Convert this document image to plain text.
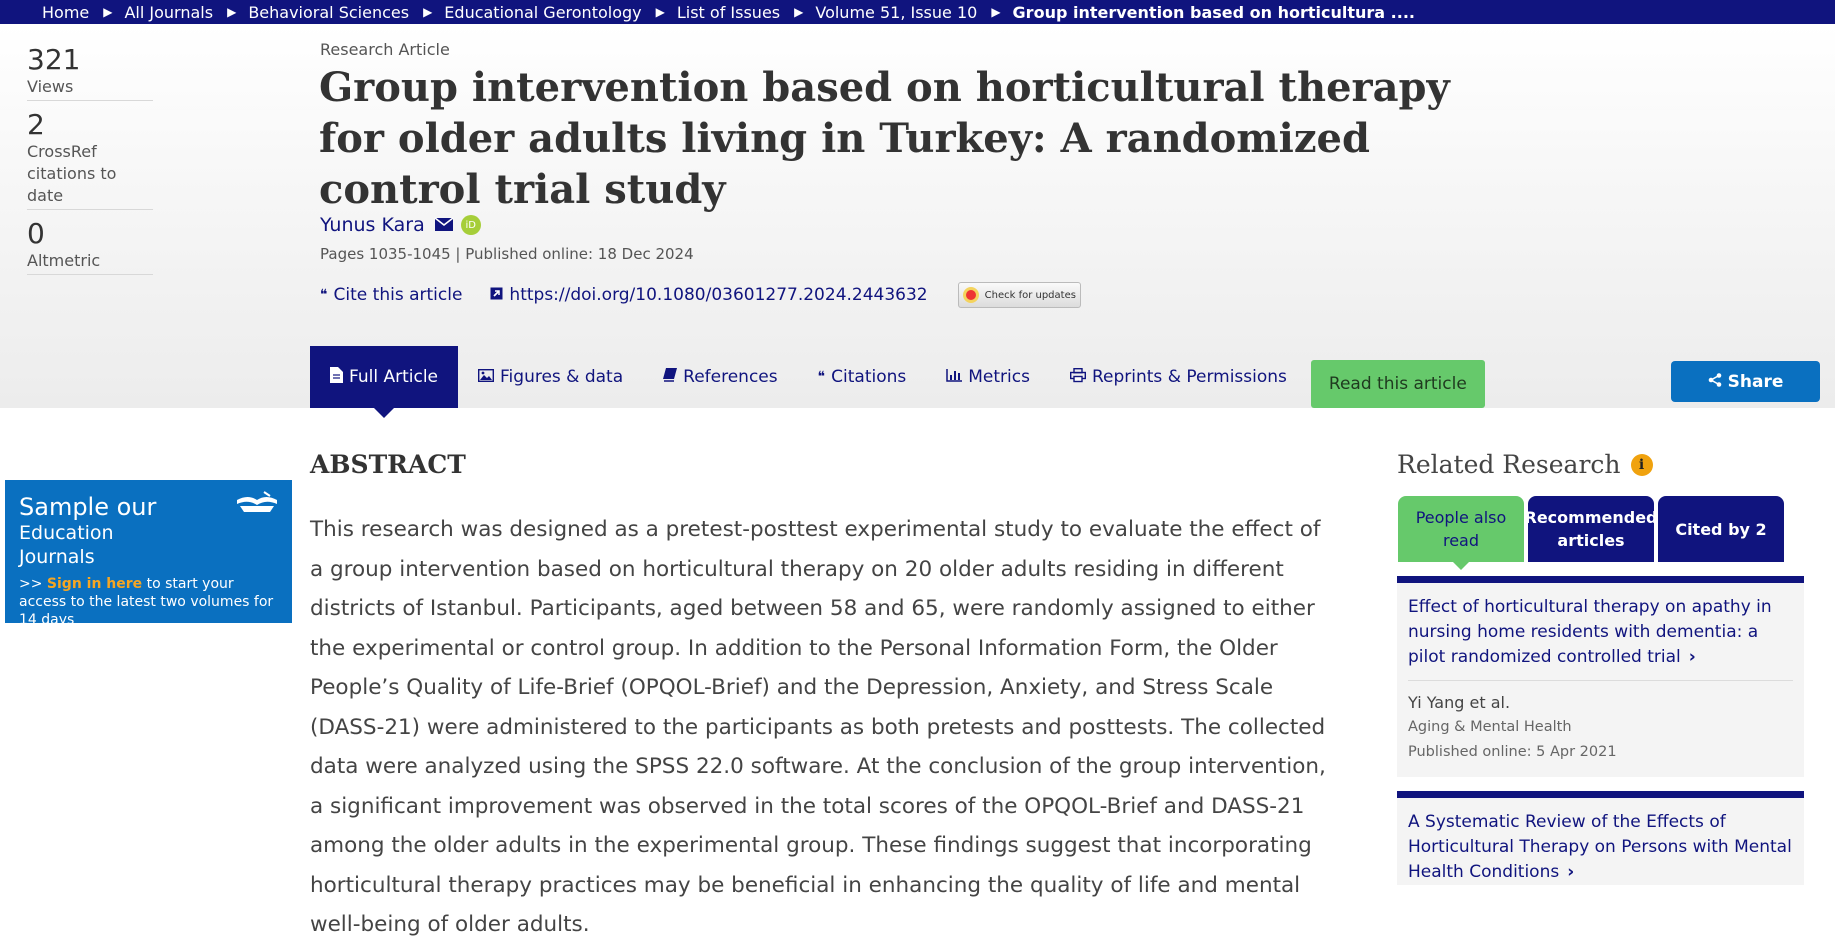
Home ▶ All Journals ▶ Behavioral Sciences ▶ Educational Gerontology ▶ List of Issues ▶ Volume 51, Issue 10 ▶ Group intervention based on horticultura ....
321
Views
2
CrossRef citations to date
0
Altmetric
Research Article
Group intervention based on horticultural therapy for older adults living in Turkey: A randomized control trial study
Yunus Kara	iD
Pages 1035-1045 | Published online: 18 Dec 2024
❝ Cite this article	https://doi.org/10.1080/03601277.2024.2443632	Check for updates
Full Article	Figures & data	References	❝ Citations	Metrics	Reprints & Permissions	Read this article	Share
Sample our
Education
Journals
>> Sign in here to start your access to the latest two volumes for 14 days
ABSTRACT

This research was designed as a pretest-posttest experimental study to evaluate the effect of a group intervention based on horticultural therapy on 20 older adults residing in different districts of Istanbul. Participants, aged between 58 and 65, were randomly assigned to either the experimental or control group. In addition to the Personal Information Form, the Older People’s Quality of Life-Brief (OPQOL-Brief) and the Depression, Anxiety, and Stress Scale (DASS-21) were administered to the participants as both pretests and posttests. The collected data were analyzed using the SPSS 22.0 software. At the conclusion of the group intervention, a significant improvement was observed in the total scores of the OPQOL-Brief and DASS-21 among the older adults in the experimental group. These findings suggest that incorporating horticultural therapy practices may be beneficial in enhancing the quality of life and mental well-being of older adults.

Related Research	i
People also read
Recommended articles
Cited by 2
Effect of horticultural therapy on apathy in nursing home residents with dementia: a pilot randomized controlled trial ›
Yi Yang et al.
Aging & Mental Health
Published online: 5 Apr 2021
A Systematic Review of the Effects of Horticultural Therapy on Persons with Mental Health Conditions ›
